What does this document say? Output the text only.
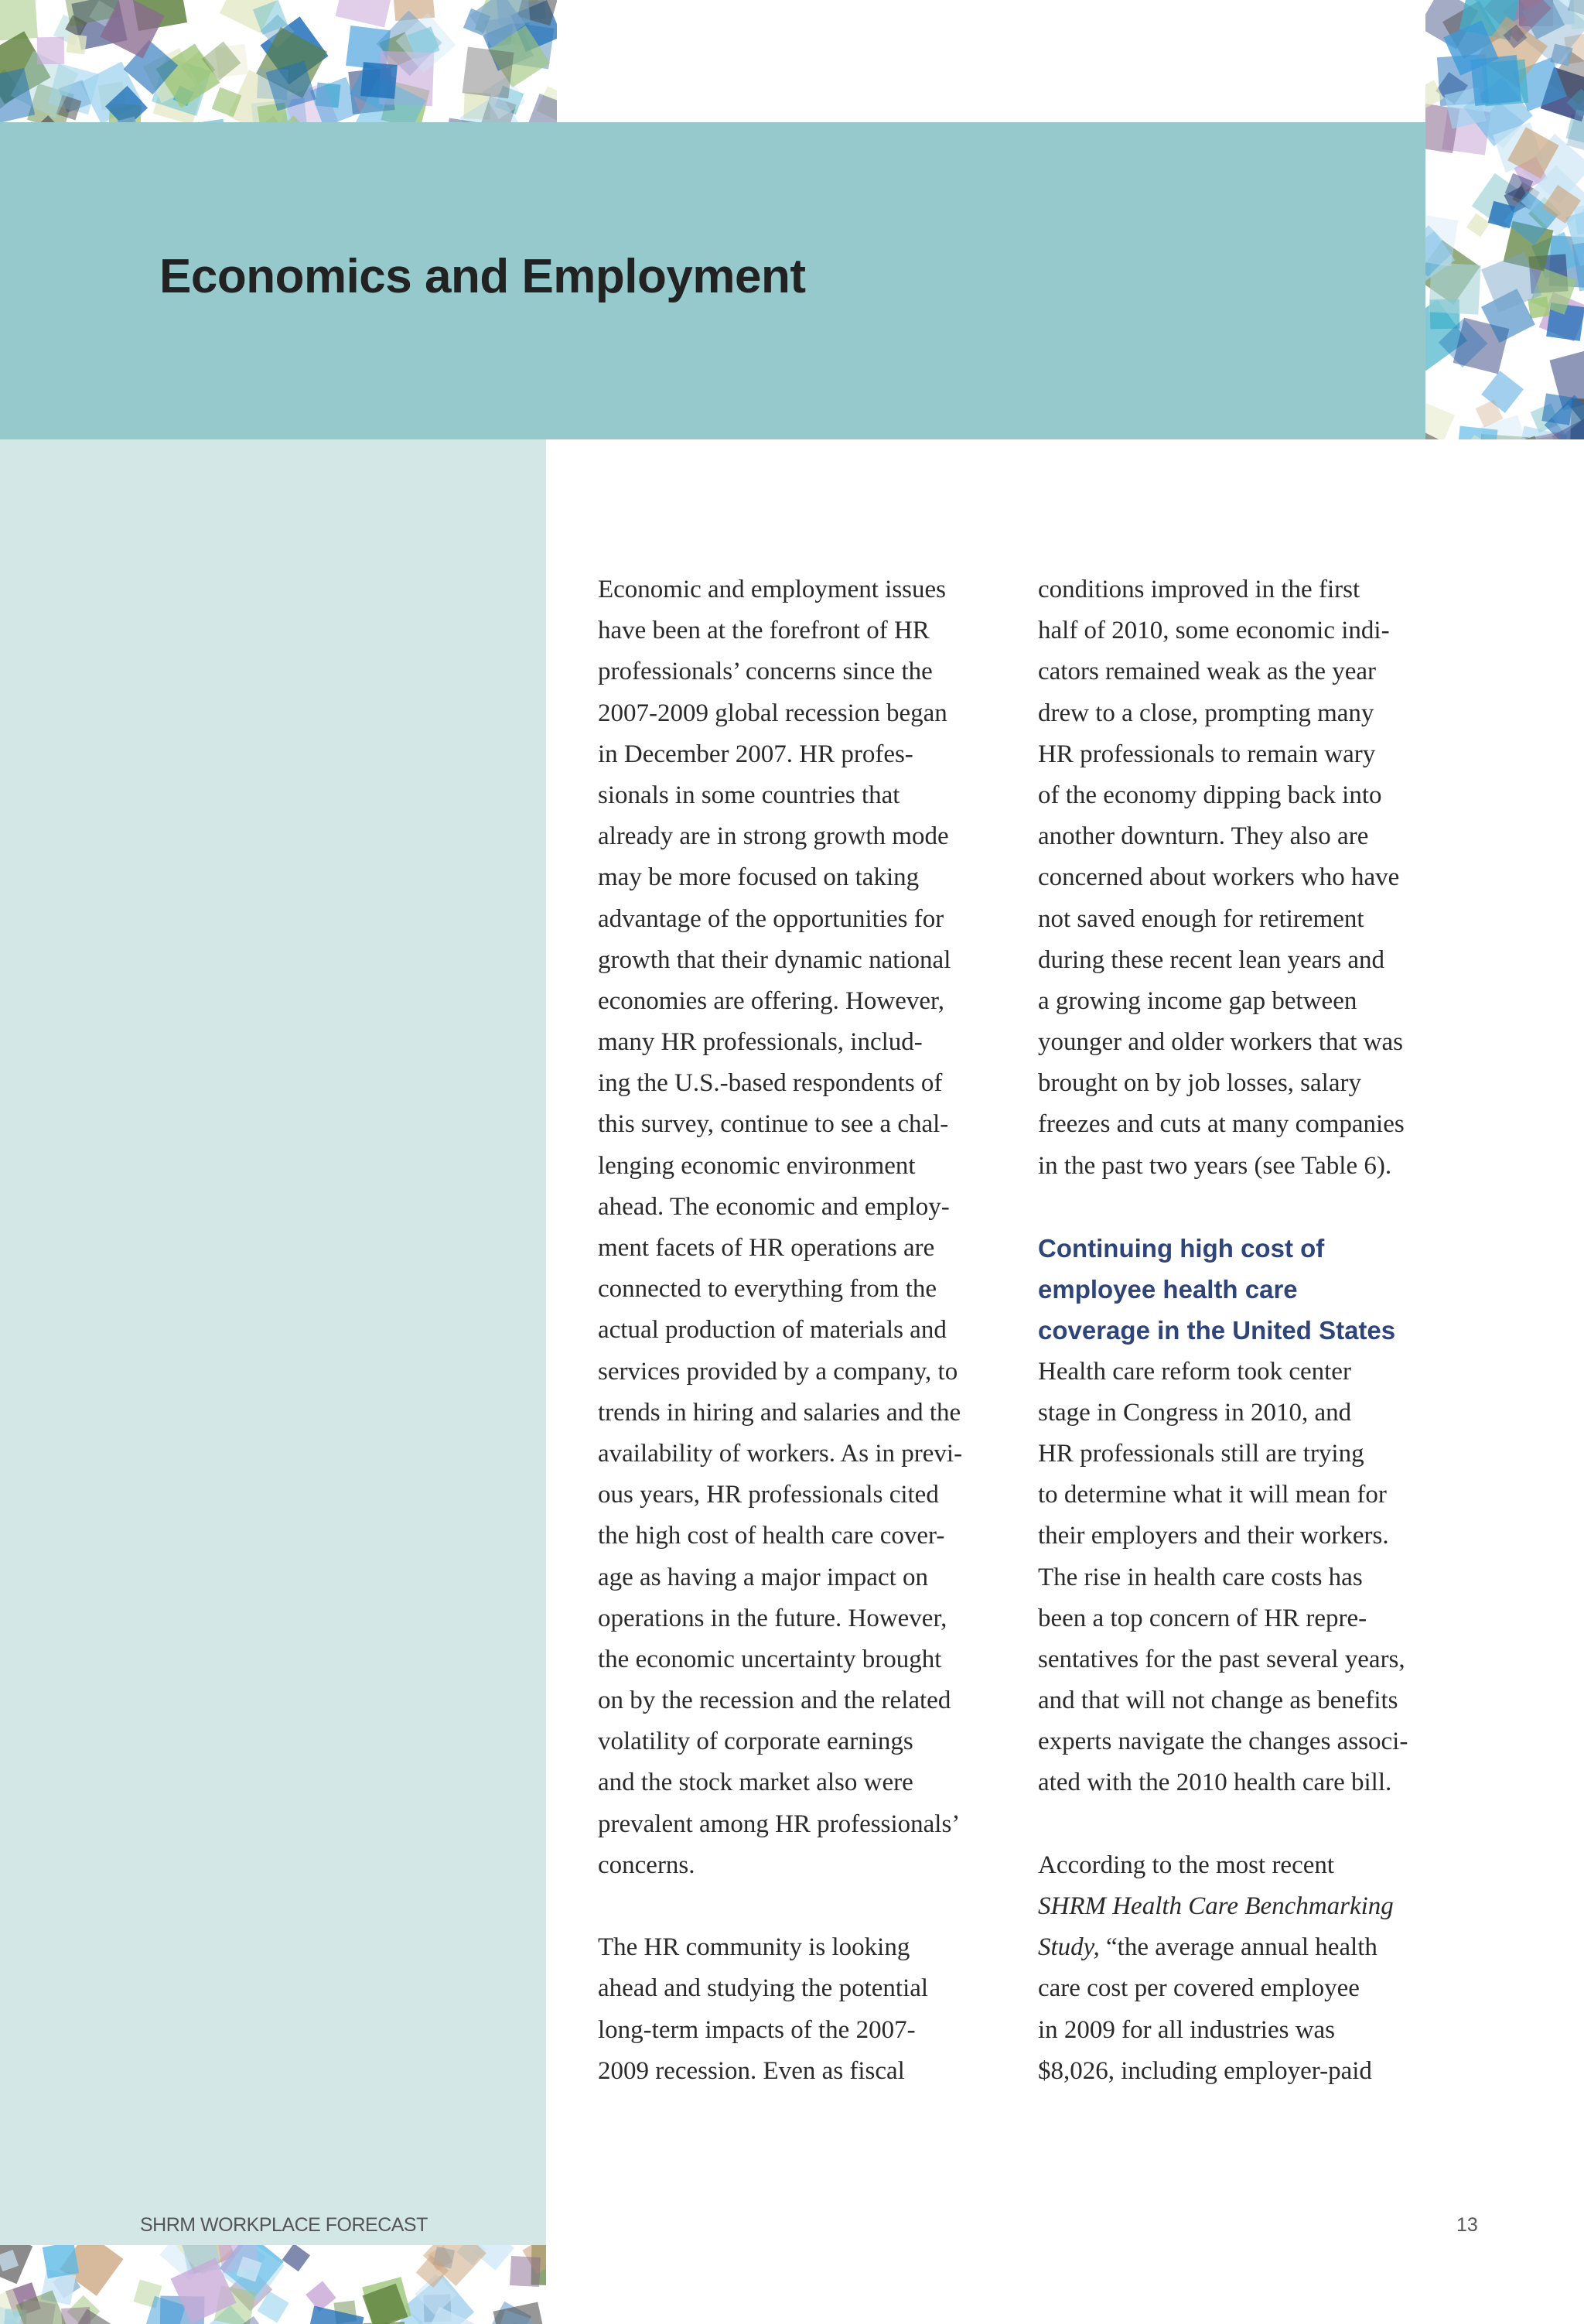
Economics and Employment
Economic and employment issues
have been at the forefront of HR
professionals’ concerns since the
2007-2009 global recession began
in December 2007. HR profes-
sionals in some countries that
already are in strong growth mode
may be more focused on taking
advantage of the opportunities for
growth that their dynamic national
economies are offering. However,
many HR professionals, includ-
ing the U.S.-based respondents of
this survey, continue to see a chal-
lenging economic environment
ahead. The economic and employ-
ment facets of HR operations are
connected to everything from the
actual production of materials and
services provided by a company, to
trends in hiring and salaries and the
availability of workers. As in previ-
ous years, HR professionals cited
the high cost of health care cover-
age as having a major impact on
operations in the future. However,
the economic uncertainty brought
on by the recession and the related
volatility of corporate earnings
and the stock market also were
prevalent among HR professionals’
concerns.
The HR community is looking
ahead and studying the potential
long-term impacts of the 2007-
2009 recession. Even as fiscal
conditions improved in the first
half of 2010, some economic indi-
cators remained weak as the year
drew to a close, prompting many
HR professionals to remain wary
of the economy dipping back into
another downturn. They also are
concerned about workers who have
not saved enough for retirement
during these recent lean years and
a growing income gap between
younger and older workers that was
brought on by job losses, salary
freezes and cuts at many companies
in the past two years (see Table 6).
Continuing high cost of
employee health care
coverage in the United States
Health care reform took center
stage in Congress in 2010, and
HR professionals still are trying
to determine what it will mean for
their employers and their workers.
The rise in health care costs has
been a top concern of HR repre-
sentatives for the past several years,
and that will not change as benefits
experts navigate the changes associ-
ated with the 2010 health care bill.
According to the most recent
SHRM Health Care Benchmarking
Study, “the average annual health
care cost per covered employee
in 2009 for all industries was
$8,026, including employer-paid
SHRM WORKPLACE FORECAST	13
